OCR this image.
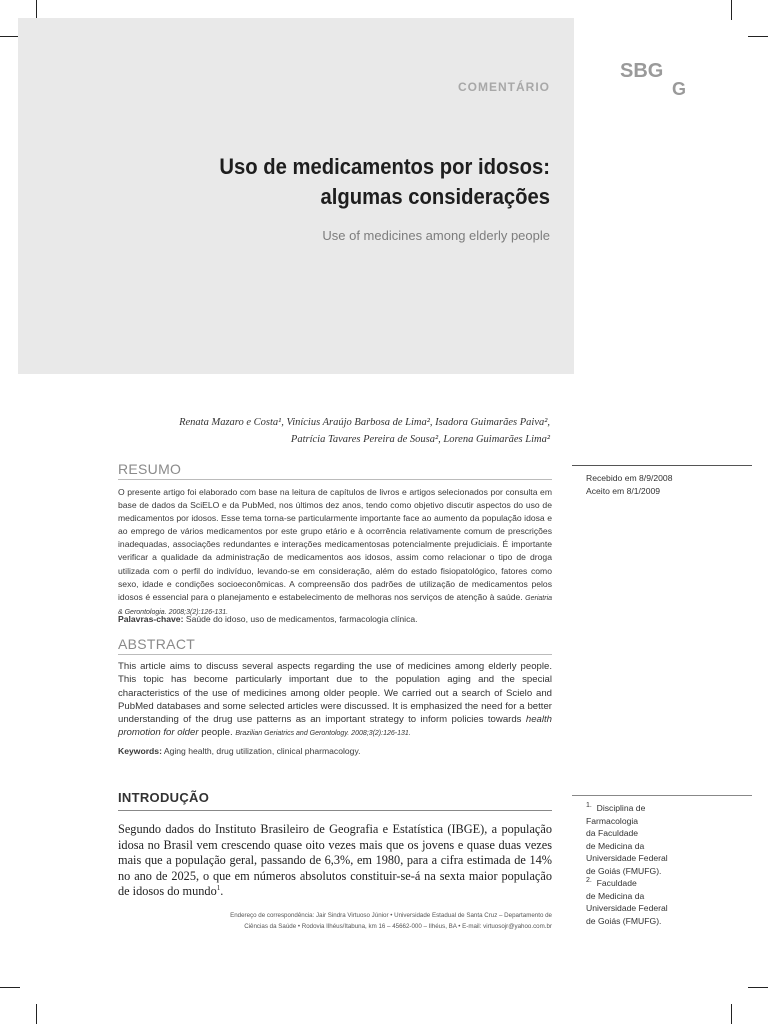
COMENTÁRIO
Uso de medicamentos por idosos:
algumas considerações
Use of medicines among elderly people
SBG
G
Renata Mazaro e Costa¹, Vinícius Araújo Barbosa de Lima², Isadora Guimarães Paiva²,
Patrícia Tavares Pereira de Sousa², Lorena Guimarães Lima²
Recebido em 8/9/2008
Aceito em 8/1/2009
RESUMO
O presente artigo foi elaborado com base na leitura de capítulos de livros e artigos selecionados por consulta em base de dados da SciELO e da PubMed, nos últimos dez anos, tendo como objetivo discutir aspectos do uso de medicamentos por idosos. Esse tema torna-se particularmente importante face ao aumento da população idosa e ao emprego de vários medicamentos por este grupo etário e à ocorrência relativamente comum de prescrições inadequadas, associações redundantes e interações medicamentosas potencialmente prejudiciais. É importante verificar a qualidade da administração de medicamentos aos idosos, assim como relacionar o tipo de droga utilizada com o perfil do indivíduo, levando-se em consideração, além do estado fisiopatológico, fatores como sexo, idade e condições socioeconômicas. A compreensão dos padrões de utilização de medicamentos pelos idosos é essencial para o planejamento e estabelecimento de melhoras nos serviços de atenção à saúde. Geriatria & Gerontologia. 2008;3(2):126-131.
Palavras-chave: Saúde do idoso, uso de medicamentos, farmacologia clínica.
ABSTRACT
This article aims to discuss several aspects regarding the use of medicines among elderly people. This topic has become particularly important due to the population aging and the special characteristics of the use of medicines among older people. We carried out a search of Scielo and PubMed databases and some selected articles were discussed. It is emphasized the need for a better understanding of the drug use patterns as an important strategy to inform policies towards health promotion for older people. Brazilian Geriatrics and Gerontology. 2008;3(2):126-131.
Keywords: Aging health, drug utilization, clinical pharmacology.
INTRODUÇÃO
Segundo dados do Instituto Brasileiro de Geografia e Estatística (IBGE), a população idosa no Brasil vem crescendo quase oito vezes mais que os jovens e quase duas vezes mais que a população geral, passando de 6,3%, em 1980, para a cifra estimada de 14% no ano de 2025, o que em números absolutos constituir-se-á na sexta maior população de idosos do mundo$^1$.
Endereço de correspondência: Jair Sindra Virtuoso Júnior • Universidade Estadual de Santa Cruz – Departamento de
Ciências da Saúde • Rodovia Ilhéus/Itabuna, km 16 – 45662-000 – Ilhéus, BA • E-mail: virtuosojr@yahoo.com.br
$^{1.}$ Disciplina de
Farmacologia
da Faculdade
de Medicina da
Universidade Federal
de Goiás (FMUFG).
$^{2.}$ Faculdade
de Medicina da
Universidade Federal
de Goiás (FMUFG).
